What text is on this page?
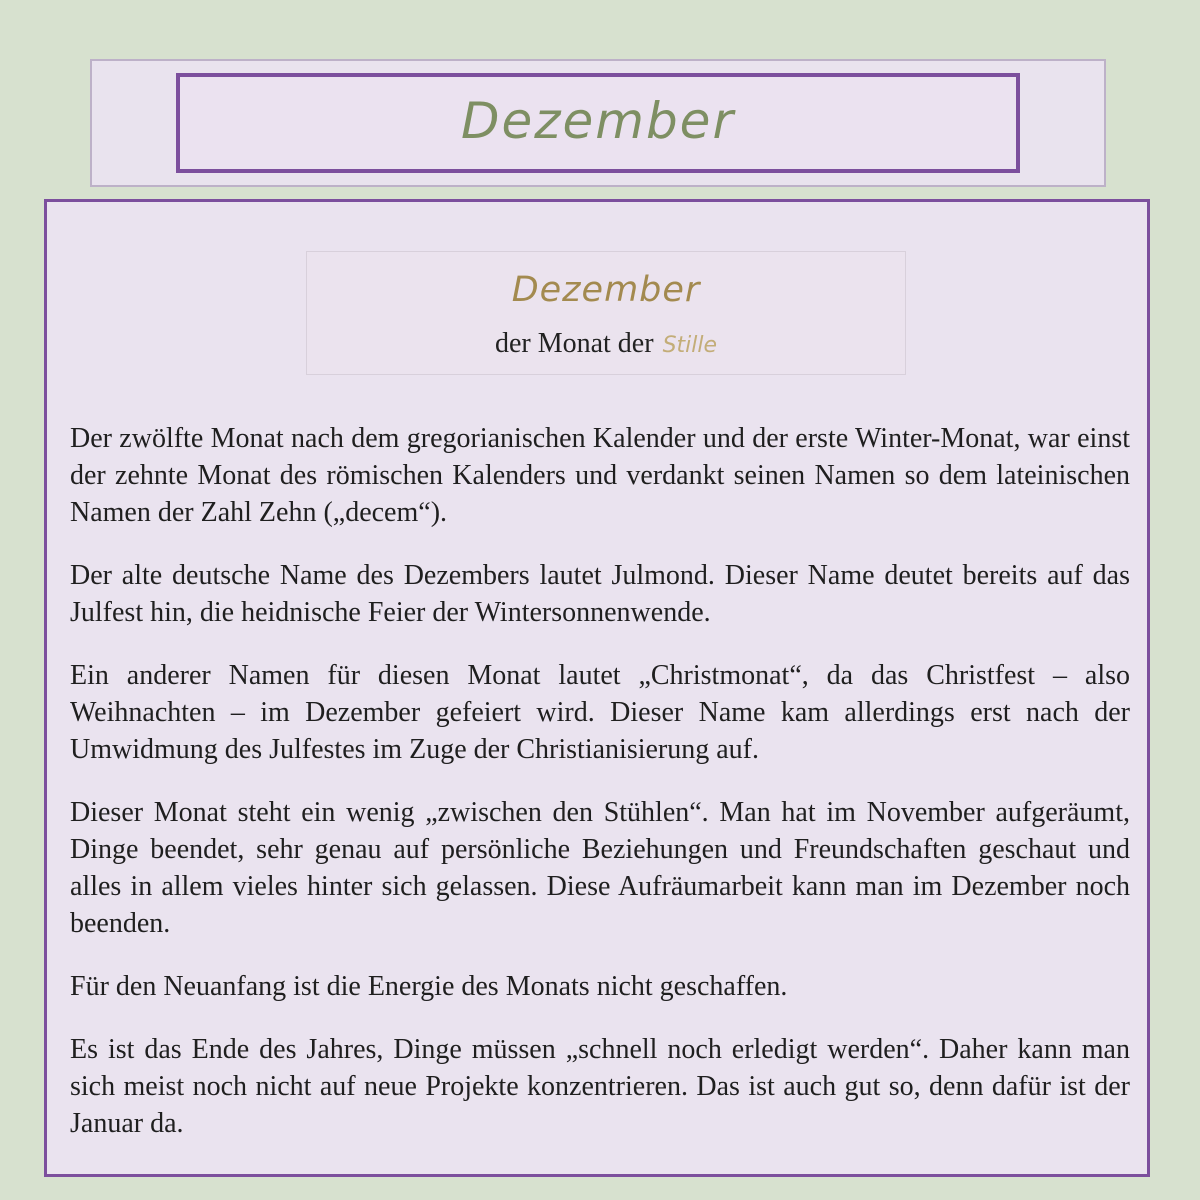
Dezember
Dezember
der Monat der Stille

Der zwölfte Monat nach dem gregorianischen Kalender und der erste Winter-Monat, war einst der zehnte Monat des römischen Kalenders und verdankt seinen Namen so dem lateinischen Namen der Zahl Zehn („decem“).

Der alte deutsche Name des Dezembers lautet Julmond. Dieser Name deutet bereits auf das Julfest hin, die heidnische Feier der Wintersonnenwende.

Ein anderer Namen für diesen Monat lautet „Christmonat“, da das Christfest – also Weihnachten – im Dezember gefeiert wird. Dieser Name kam allerdings erst nach der Umwidmung des Julfestes im Zuge der Christianisierung auf.

Dieser Monat steht ein wenig „zwischen den Stühlen“. Man hat im November aufgeräumt, Dinge beendet, sehr genau auf persönliche Beziehungen und Freundschaften geschaut und alles in allem vieles hinter sich gelassen. Diese Aufräumarbeit kann man im Dezember noch beenden.

Für den Neuanfang ist die Energie des Monats nicht geschaffen.

Es ist das Ende des Jahres, Dinge müssen „schnell noch erledigt werden“. Daher kann man sich meist noch nicht auf neue Projekte konzentrieren. Das ist auch gut so, denn dafür ist der Januar da.
